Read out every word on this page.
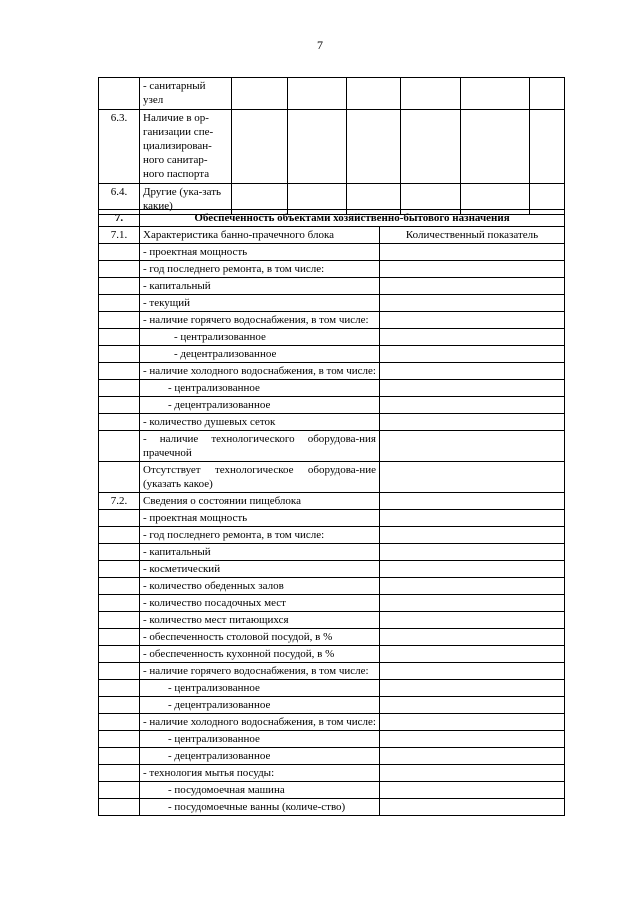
7
	- санитарный узел						
6.3.	Наличие в ор-ганизации спе-циализирован-ного санитар-ного паспорта						
6.4.	Другие (ука-зать какие)						
7.	Обеспеченность объектами хозяйственно-бытового назначения	
7.1.	Характеристика банно-прачечного блока	Количественный показатель
	- проектная мощность	
	- год последнего ремонта, в том числе:	
	- капитальный	
	- текущий	
	- наличие горячего водоснабжения, в том числе:	
	- централизованное	
	- децентрализованное	
	- наличие холодного водоснабжения, в том числе:	
	- централизованное	
	- децентрализованное	
	- количество душевых сеток	
	- наличие технологического оборудова-ния прачечной	
	Отсутствует технологическое оборудова-ние (указать какое)	
7.2.	Сведения о состоянии пищеблока	
	- проектная мощность	
	- год последнего ремонта, в том числе:	
	- капитальный	
	- косметический	
	- количество обеденных залов	
	- количество посадочных мест	
	- количество мест питающихся	
	- обеспеченность столовой посудой, в %	
	- обеспеченность кухонной посудой, в %	
	- наличие горячего водоснабжения, в том числе:	
	- централизованное	
	- децентрализованное	
	- наличие холодного водоснабжения, в том числе:	
	- централизованное	
	- децентрализованное	
	- технология мытья посуды:	
	- посудомоечная машина	
	- посудомоечные ванны (количе-ство)	
